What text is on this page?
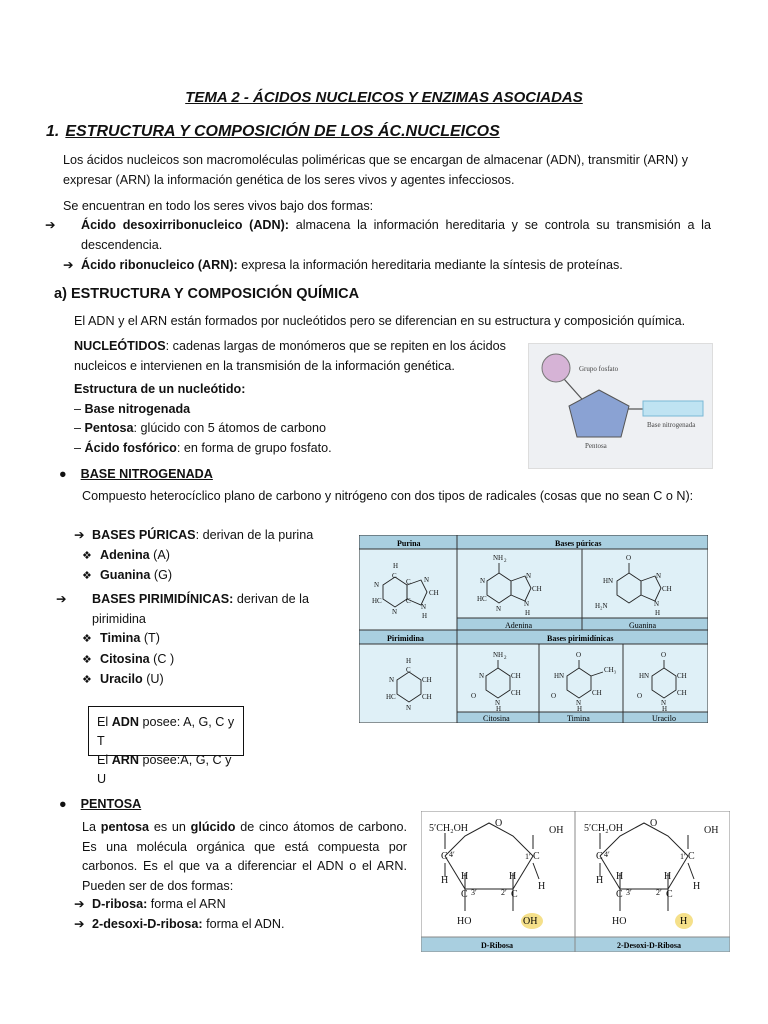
TEMA 2 - ÁCIDOS NUCLEICOS Y ENZIMAS ASOCIADAS
1. ESTRUCTURA Y COMPOSICIÓN DE LOS ÁC.NUCLEICOS
Los ácidos nucleicos son macromoléculas poliméricas que se encargan de almacenar (ADN), transmitir (ARN) y expresar (ARN) la información genética de los seres vivos y agentes infecciosos.
Se encuentran en todo los seres vivos bajo dos formas:
➔ Ácido desoxirribonucleico (ADN): almacena la información hereditaria y se controla su transmisión a la descendencia.
➔ Ácido ribonucleico (ARN): expresa la información hereditaria mediante la síntesis de proteínas.
a) ESTRUCTURA Y COMPOSICIÓN QUÍMICA
El ADN y el ARN están formados por nucleótidos pero se diferencian en su estructura y composición química.
NUCLEÓTIDOS: cadenas largas de monómeros que se repiten en los ácidos nucleicos e intervienen en la transmisión de la información genética.
Estructura de un nucleótido:
– Base nitrogenada
– Pentosa: glúcido con 5 átomos de carbono
– Ácido fosfórico: en forma de grupo fosfato.
Grupo fosfato
Base nitrogenada
Pentosa
● BASE NITROGENADA
Compuesto heterocíclico plano de carbono y nitrógeno con dos tipos de radicales (cosas que no sean C o N):
➔ BASES PÚRICAS: derivan de la purina
❖ Adenina (A)
❖ Guanina (G)
➔ BASES PIRIMIDÍNICAS: derivan de la pirimidina
❖ Timina (T)
❖ Citosina (C )
❖ Uracilo (U)
El ADN posee: A, G, C y T
El ARN posee:A, G, C y U
Purina	Bases púricas
Pirimidina	Bases pirimidínicas
Adenina	Guanina
Citosina	Timina	Uracilo
H
C
N
HC
N
C
C
N
CH
N
H
NH 2
N
HC
N
N
CH
N
H
O
HN
H₂N
N
CH
N
H
H
C
N	CH
HC	CH
N
NH 2
N	CH
O	CH
N
H
O
HN
CH₃
O	CH
N
H
O
HN	CH
O	CH
N
H
● PENTOSA
La pentosa es un glúcido de cinco átomos de carbono. Es una molécula orgánica que está compuesta por carbonos. Es el que va a diferenciar el ADN o el ARN. Pueden ser de dos formas:
➔ D-ribosa: forma el ARN
➔ 2-desoxi-D-ribosa: forma el ADN.
D-Ribosa	2-Desoxi-D-Ribosa
5′CH₂OH	O
OH
C 4′	1′ C
H
H
H	H
C 3′	2′ C
HO	OH
5′CH₂OH	O
OH
C 4′	1′ C
H
H
H	H
C 3′	2′ C
HO	H
